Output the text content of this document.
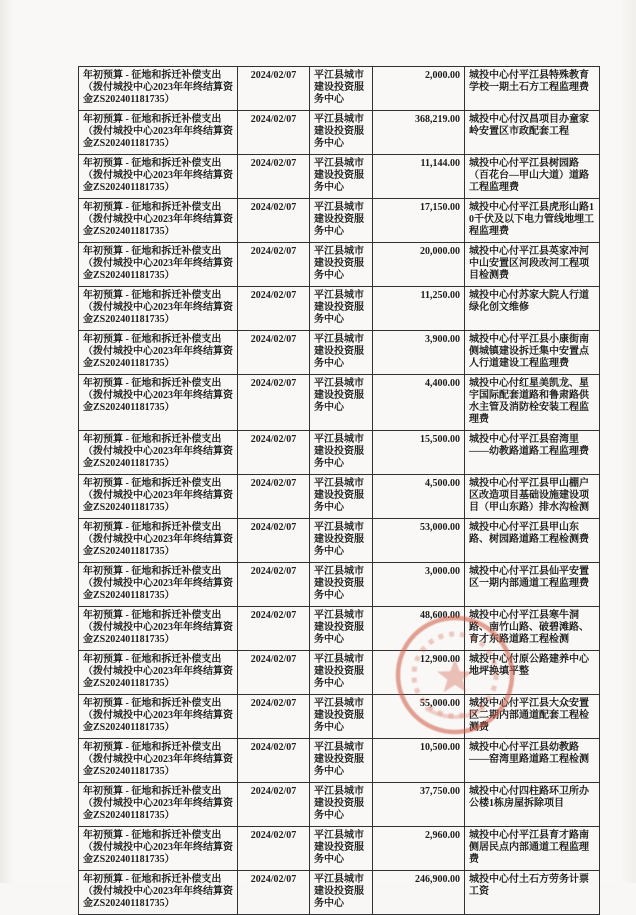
年初预算 - 征地和拆迁补偿支出（拨付城投中心2023年年终结算资金ZS202401181735）	2024/02/07	平江县城市建设投资服务中心	2,000.00	城投中心付平江县特殊教育学校一期土石方工程监理费
年初预算 - 征地和拆迁补偿支出（拨付城投中心2023年年终结算资金ZS202401181735）	2024/02/07	平江县城市建设投资服务中心	368,219.00	城投中心付汉昌项目办童家岭安置区市政配套工程
年初预算 - 征地和拆迁补偿支出（拨付城投中心2023年年终结算资金ZS202401181735）	2024/02/07	平江县城市建设投资服务中心	11,144.00	城投中心付平江县树园路（百花台—甲山大道）道路工程监理费
年初预算 - 征地和拆迁补偿支出（拨付城投中心2023年年终结算资金ZS202401181735）	2024/02/07	平江县城市建设投资服务中心	17,150.00	城投中心付平江县虎形山路10千伏及以下电力管线地埋工程监理费
年初预算 - 征地和拆迁补偿支出（拨付城投中心2023年年终结算资金ZS202401181735）	2024/02/07	平江县城市建设投资服务中心	20,000.00	城投中心付平江县英家冲河中山安置区河段改河工程项目检测费
年初预算 - 征地和拆迁补偿支出（拨付城投中心2023年年终结算资金ZS202401181735）	2024/02/07	平江县城市建设投资服务中心	11,250.00	城投中心付苏家大院人行道绿化创文维修
年初预算 - 征地和拆迁补偿支出（拨付城投中心2023年年终结算资金ZS202401181735）	2024/02/07	平江县城市建设投资服务中心	3,900.00	城投中心付平江县小康街南侧城镇建设拆迁集中安置点人行道建设工程监理费
年初预算 - 征地和拆迁补偿支出（拨付城投中心2023年年终结算资金ZS202401181735）	2024/02/07	平江县城市建设投资服务中心	4,400.00	城投中心付红星美凯龙、星宇国际配套道路和鲁肃路供水主管及消防栓安装工程监理费
年初预算 - 征地和拆迁补偿支出（拨付城投中心2023年年终结算资金ZS202401181735）	2024/02/07	平江县城市建设投资服务中心	15,500.00	城投中心付平江县窑湾里——幼教路道路工程监理费
年初预算 - 征地和拆迁补偿支出（拨付城投中心2023年年终结算资金ZS202401181735）	2024/02/07	平江县城市建设投资服务中心	4,500.00	城投中心付平江县甲山棚户区改造项目基础设施建设项目（甲山东路）排水沟检测
年初预算 - 征地和拆迁补偿支出（拨付城投中心2023年年终结算资金ZS202401181735）	2024/02/07	平江县城市建设投资服务中心	53,000.00	城投中心付平江县甲山东路、树园路道路工程检测费
年初预算 - 征地和拆迁补偿支出（拨付城投中心2023年年终结算资金ZS202401181735）	2024/02/07	平江县城市建设投资服务中心	3,000.00	城投中心付平江县仙平安置区一期内部通道工程监理费
年初预算 - 征地和拆迁补偿支出（拨付城投中心2023年年终结算资金ZS202401181735）	2024/02/07	平江县城市建设投资服务中心	48,600.00	城投中心付平江县寒牛洞路、南竹山路、破碧滩路、育才东路道路工程检测
年初预算 - 征地和拆迁补偿支出（拨付城投中心2023年年终结算资金ZS202401181735）	2024/02/07	平江县城市建设投资服务中心	12,900.00	城投中心付原公路建养中心地坪换填平整
年初预算 - 征地和拆迁补偿支出（拨付城投中心2023年年终结算资金ZS202401181735）	2024/02/07	平江县城市建设投资服务中心	55,000.00	城投中心付平江县大众安置区二期内部通道配套工程检测费
年初预算 - 征地和拆迁补偿支出（拨付城投中心2023年年终结算资金ZS202401181735）	2024/02/07	平江县城市建设投资服务中心	10,500.00	城投中心付平江县幼教路——窑湾里路道路工程检测
年初预算 - 征地和拆迁补偿支出（拨付城投中心2023年年终结算资金ZS202401181735）	2024/02/07	平江县城市建设投资服务中心	37,750.00	城投中心付四柱路环卫所办公楼1栋房屋拆除项目
年初预算 - 征地和拆迁补偿支出（拨付城投中心2023年年终结算资金ZS202401181735）	2024/02/07	平江县城市建设投资服务中心	2,960.00	城投中心付平江县育才路南侧居民点内部通道工程监理费
年初预算 - 征地和拆迁补偿支出（拨付城投中心2023年年终结算资金ZS202401181735）	2024/02/07	平江县城市建设投资服务中心	246,900.00	城投中心付土石方劳务计票工资
